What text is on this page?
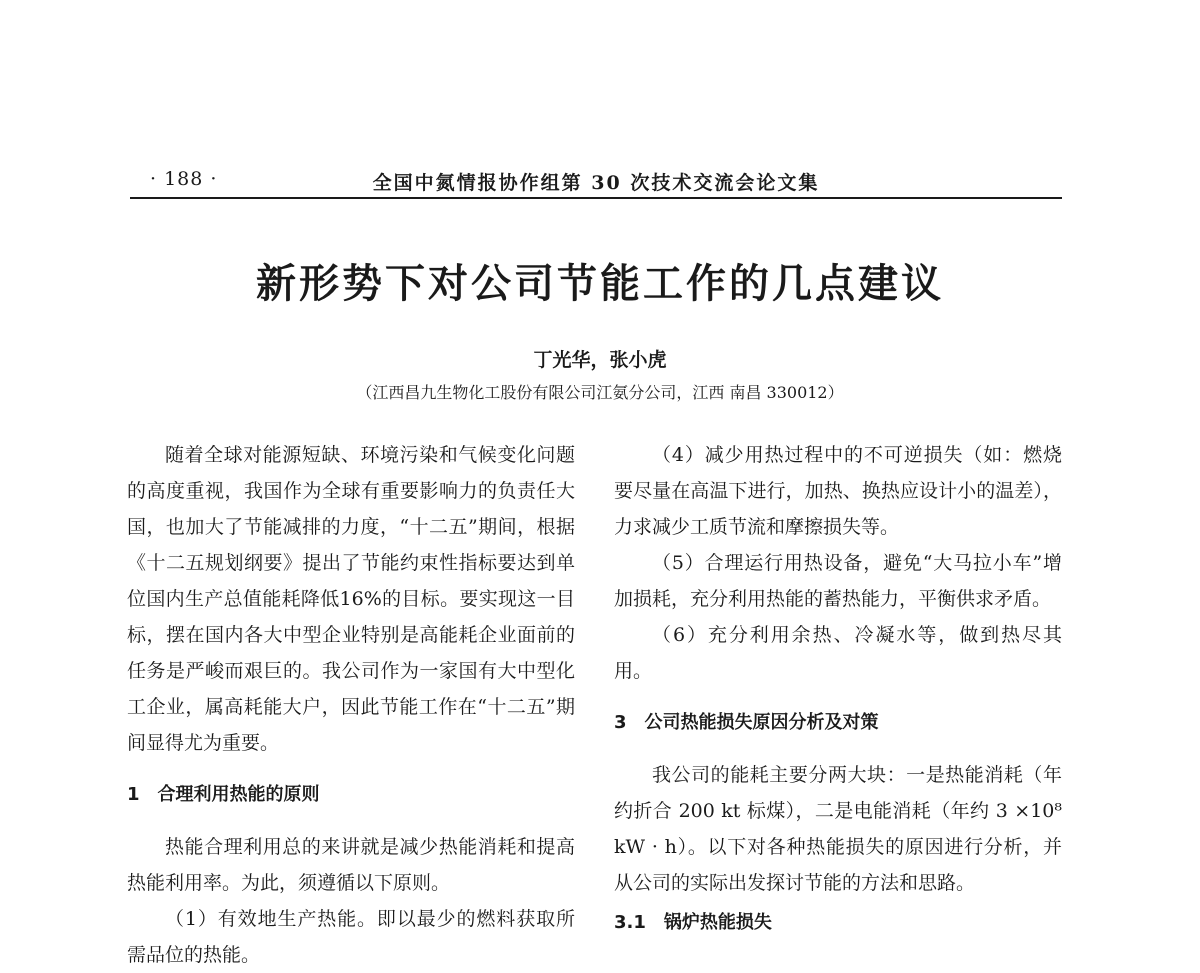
· 188 ·	全国中氮情报协作组第 30 次技术交流会论文集
新形势下对公司节能工作的几点建议
丁光华，张小虎
（江西昌九生物化工股份有限公司江氨分公司，江西 南昌 330012）

随着全球对能源短缺、环境污染和气候变化问题的高度重视，我国作为全球有重要影响力的负责任大国，也加大了节能减排的力度，“十二五”期间，根据《十二五规划纲要》提出了节能约束性指标要达到单位国内生产总值能耗降低16%的目标。要实现这一目标，摆在国内各大中型企业特别是高能耗企业面前的任务是严峻而艰巨的。我公司作为一家国有大中型化工企业，属高耗能大户，因此节能工作在“十二五”期间显得尤为重要。

1　合理利用热能的原则

热能合理利用总的来讲就是减少热能消耗和提高热能利用率。为此，须遵循以下原则。

（1）有效地生产热能。即以最少的燃料获取所需品位的热能。

（4）减少用热过程中的不可逆损失（如：燃烧要尽量在高温下进行，加热、换热应设计小的温差），力求减少工质节流和摩擦损失等。

（5）合理运行用热设备，避免“大马拉小车”增加损耗，充分利用热能的蓄热能力，平衡供求矛盾。

（6）充分利用余热、冷凝水等，做到热尽其用。

3　公司热能损失原因分析及对策

我公司的能耗主要分两大块：一是热能消耗（年约折合 200 kt 标煤），二是电能消耗（年约 3 ×10⁸ kW · h）。以下对各种热能损失的原因进行分析，并从公司的实际出发探讨节能的方法和思路。

3.1　锅炉热能损失
